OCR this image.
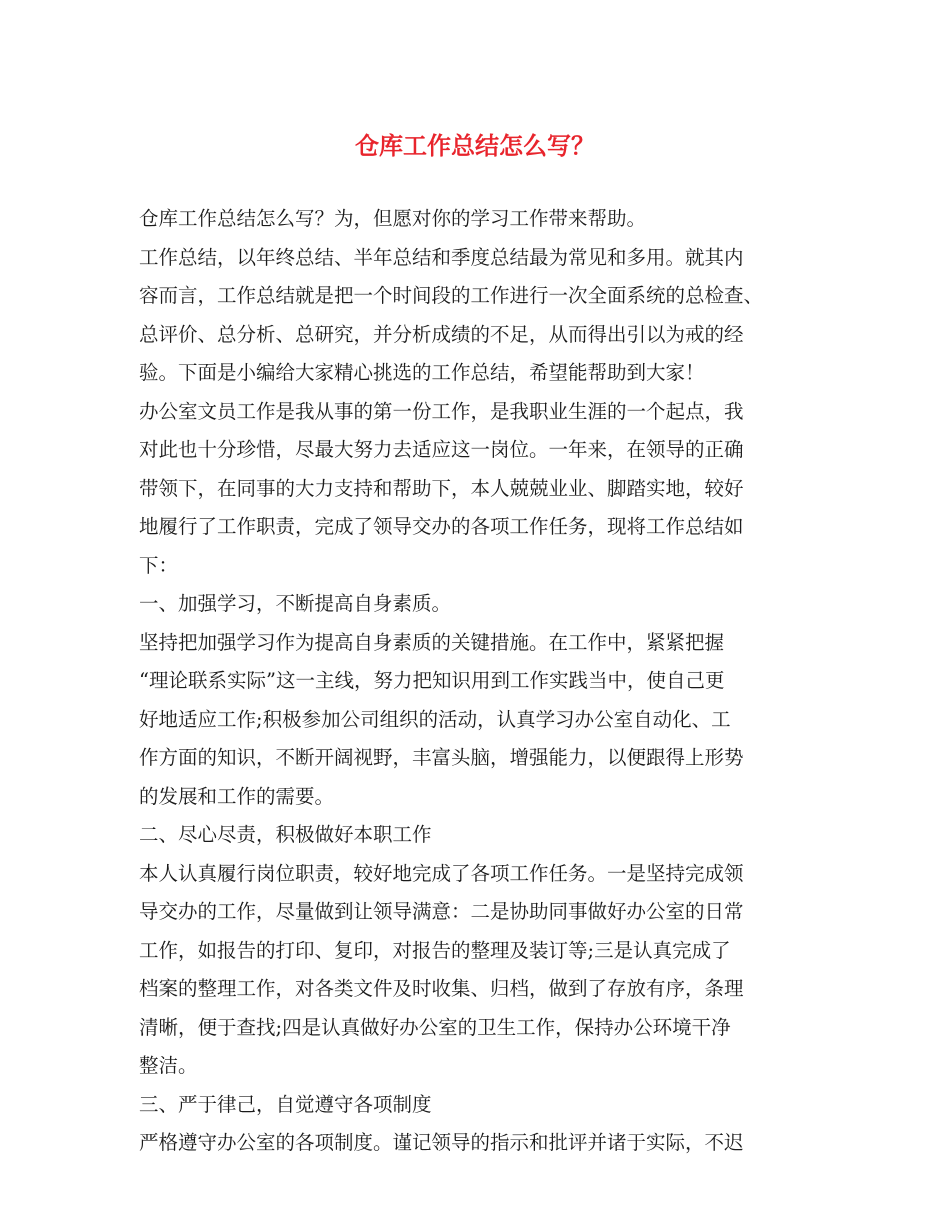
仓库工作总结怎么写？
仓库工作总结怎么写？为，但愿对你的学习工作带来帮助。
工作总结，以年终总结、半年总结和季度总结最为常见和多用。就其内
容而言，工作总结就是把一个时间段的工作进行一次全面系统的总检查、
总评价、总分析、总研究，并分析成绩的不足，从而得出引以为戒的经
验。下面是小编给大家精心挑选的工作总结，希望能帮助到大家！
办公室文员工作是我从事的第一份工作，是我职业生涯的一个起点，我
对此也十分珍惜，尽最大努力去适应这一岗位。一年来，在领导的正确
带领下，在同事的大力支持和帮助下，本人兢兢业业、脚踏实地，较好
地履行了工作职责，完成了领导交办的各项工作任务，现将工作总结如
下：
一、加强学习，不断提高自身素质。
坚持把加强学习作为提高自身素质的关键措施。在工作中，紧紧把握
“理论联系实际”这一主线，努力把知识用到工作实践当中，使自己更
好地适应工作;积极参加公司组织的活动，认真学习办公室自动化、工
作方面的知识，不断开阔视野，丰富头脑，增强能力，以便跟得上形势
的发展和工作的需要。
二、尽心尽责，积极做好本职工作
本人认真履行岗位职责，较好地完成了各项工作任务。一是坚持完成领
导交办的工作，尽量做到让领导满意：二是协助同事做好办公室的日常
工作，如报告的打印、复印，对报告的整理及装订等;三是认真完成了
档案的整理工作，对各类文件及时收集、归档，做到了存放有序，条理
清晰，便于查找;四是认真做好办公室的卫生工作，保持办公环境干净
整洁。
三、严于律己，自觉遵守各项制度
严格遵守办公室的各项制度。谨记领导的指示和批评并诸于实际，不迟
